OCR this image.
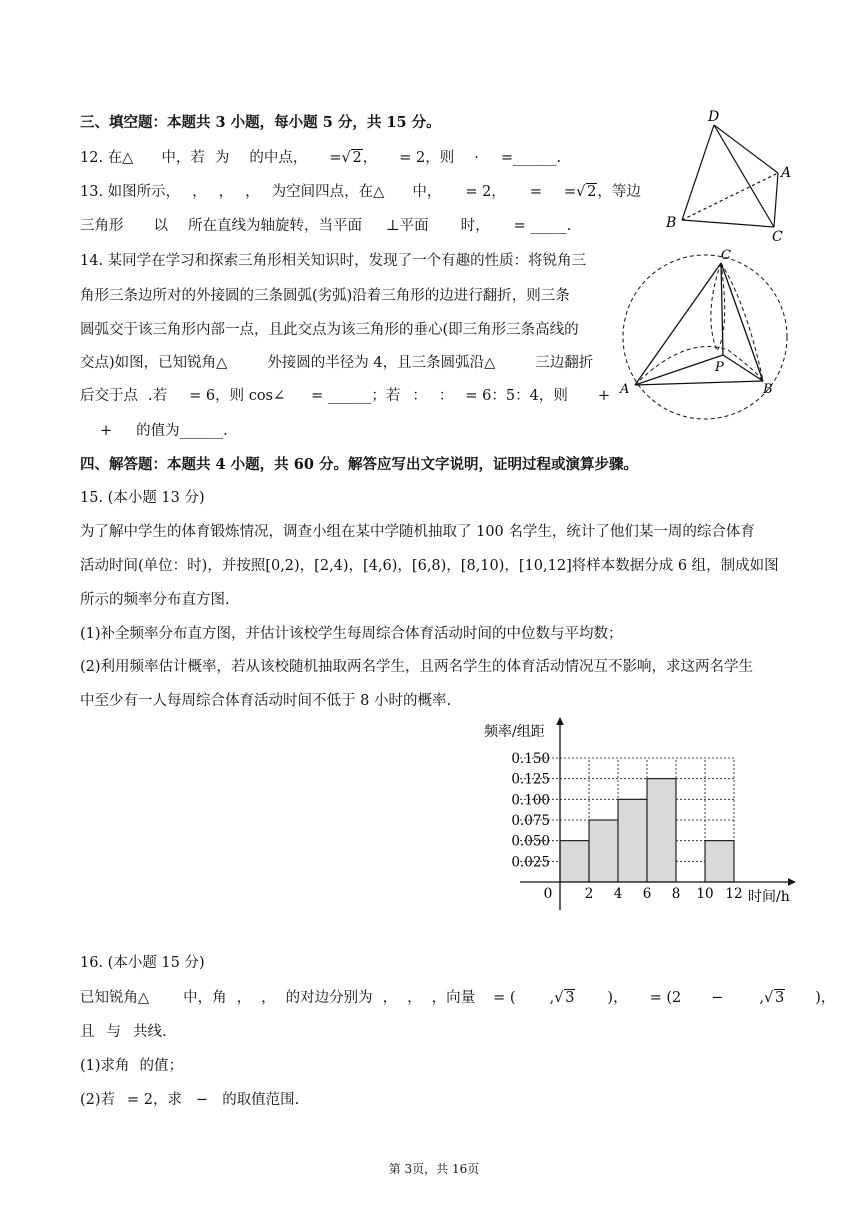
三、填空题：本题共 3 小题，每小题 5 分，共 15 分。
12. 在△ 中，若 为 的中点， = √ 2， = 2，则 · =______.
13. 如图所示， ， ， ， 为空间四点，在△ 中， = 2， = = √ 2，等边
三角形 以 所在直线为轴旋转，当平面 ⊥平面 时， = _____.
14. 某同学在学习和探索三角形相关知识时，发现了一个有趣的性质：将锐角三
角形三条边所对的外接圆的三条圆弧(劣弧)沿着三角形的边进行翻折，则三条
圆弧交于该三角形内部一点，且此交点为该三角形的垂心(即三角形三条高线的
交点)如图，已知锐角△	外接圆的半径为 4，且三条圆弧沿△	三边翻折
后交于点 .若 = 6，则 cos∠ = ______；若 ： ： = 6：5：4，则 +
+ 的值为______.
四、解答题：本题共 4 小题，共 60 分。解答应写出文字说明，证明过程或演算步骤。
15. (本小题 13 分)
为了解中学生的体育锻炼情况，调查小组在某中学随机抽取了 100 名学生，统计了他们某一周的综合体育
活动时间(单位：时)，并按照[0,2)，[2,4)，[4,6)，[6,8)，[8,10)，[10,12]将样本数据分成 6 组，制成如图
所示的频率分布直方图.
(1)补全频率分布直方图，并估计该校学生每周综合体育活动时间的中位数与平均数；
(2)利用频率估计概率，若从该校随机抽取两名学生，且两名学生的体育活动情况互不影响，求这两名学生
中至少有一人每周综合体育活动时间不低于 8 小时的概率.
0
频率/组距
时间/h
0.025
0.050
0.075
0.100
0.125
0.150
2 4 6 8 10 12
16. (本小题 15 分)
已知锐角△ 中，角 ， ， 的对边分别为 ， ， ，向量 = ( , √ 3 )， = (2 − , √ 3 )，
且 与 共线.
(1)求角 的值；
(2)若 = 2，求 − 的取值范围.
D
A
B
C
C
A	B
P
第 3页，共 16页
